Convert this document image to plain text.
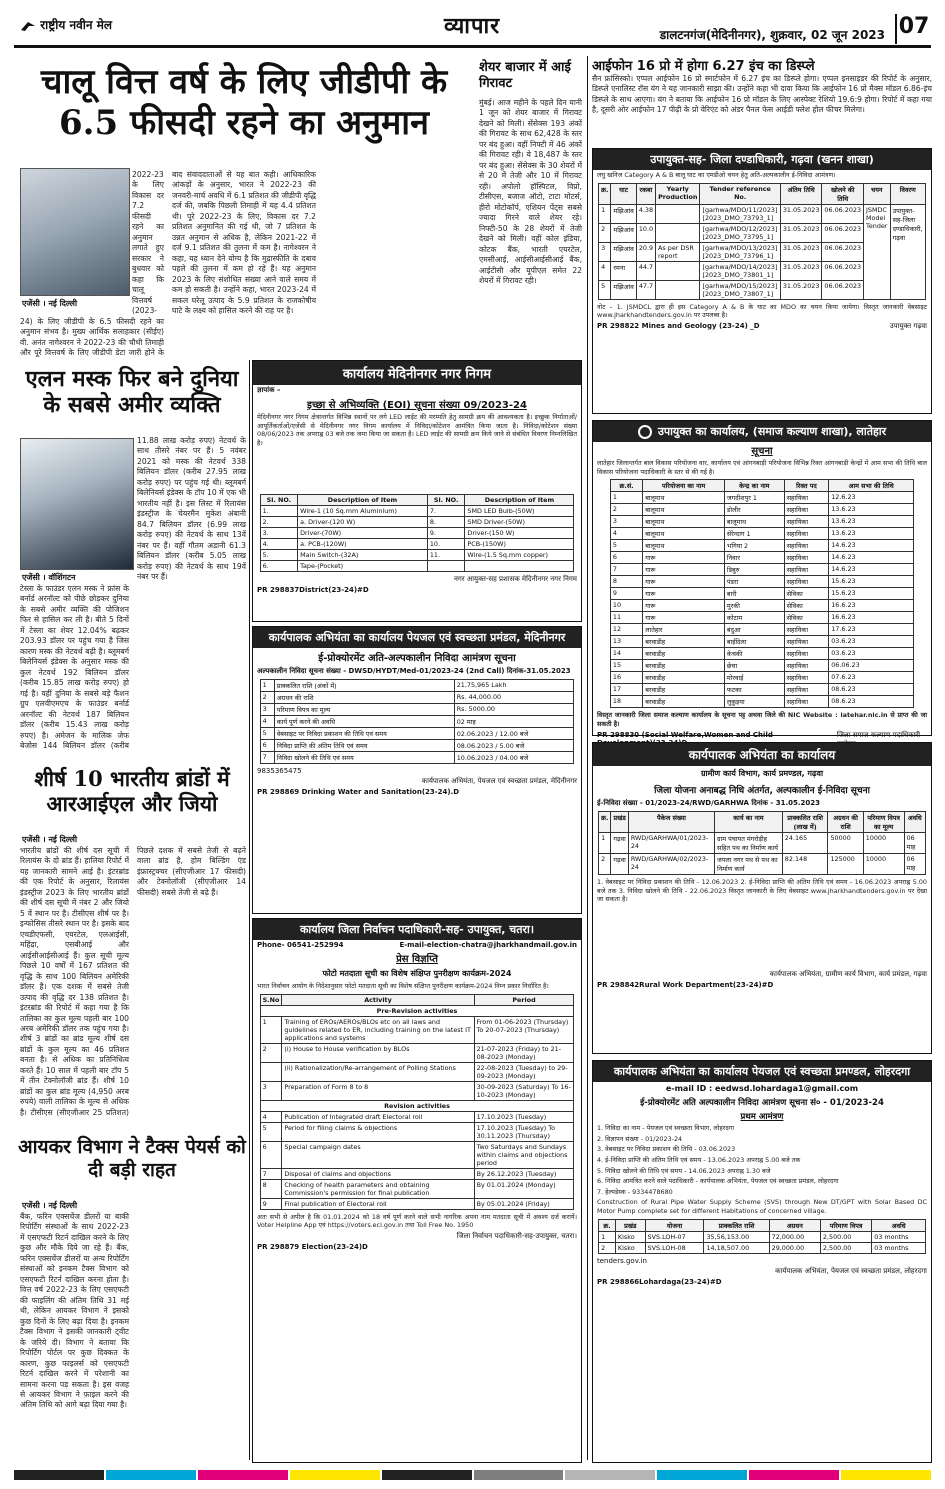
राष्ट्रीय नवीन मेल	व्यापार	डालटनगंज(मेदिनीनगर), शुक्रवार, 02 जून 2023 07
चालू वित्त वर्ष के लिए जीडीपी के 6.5 फीसदी रहने का अनुमान
एजेंसी । नई दिल्ली
2022-23 के लिए विकास दर 7.2 फीसदी रहने का अनुमान लगाते हुए सरकार ने बुधवार को कहा कि चालू वित्तवर्ष (2023-24) के लिए जीडीपी के 6.5 फीसदी रहने का अनुमान संभव है। मुख्य आर्थिक सलाहकार (सीईए) वी. अनंत नागेश्वरन ने 2022-23 की चौथी तिमाही और पूरे वित्तवर्ष के लिए जीडीपी डेटा जारी होने के बाद संवाददाताओं से यह बात कही। आधिकारिक आंकड़ों के अनुसार, भारत ने 2022-23 की जनवरी-मार्च अवधि में 6.1 प्रतिशत की जीडीपी वृद्धि दर्ज की, जबकि पिछली तिमाही में यह 4.4 प्रतिशत थी। पूरे 2022-23 के लिए, विकास दर 7.2 प्रतिशत अनुमानित की गई थी, जो 7 प्रतिशत के उन्नत अनुमान से अधिक है, लेकिन 2021-22 में दर्ज 9.1 प्रतिशत की तुलना में कम है। नागेश्वरन ने कहा, यह ध्यान देने योग्य है कि मुद्रास्फीति के दबाव पहले की तुलना में कम हो रहे हैं। यह अनुमान 2023 के लिए संशोधित संख्या आने वाले समय में कम हो सकती है। उन्होंने कहा, भारत 2023-24 में सकल घरेलू उत्पाद के 5.9 प्रतिशत के राजकोषीय घाटे के लक्ष्य को हासिल करने की राह पर है।
शेयर बाजार में आई गिरावट
मुंबई। आज महीने के पहले दिन यानी 1 जून को शेयर बाजार में गिरावट देखने को मिली। सेंसेक्स 193 अंकों की गिरावट के साथ 62,428 के स्तर पर बंद हुआ। वहीं निफ्टी में 46 अंकों की गिरावट रही। ये 18,487 के स्तर पर बंद हुआ। सेंसेक्स के 30 शेयरों में से 20 में तेजी और 10 में गिरावट रही। अपोलो हॉस्पिटल, विप्रो, टीसीएस, बजाज ऑटो, टाटा मोटर्स, हीरो मोटोकॉर्प, एशियन पेंट्स सबसे ज्यादा गिरने वाले शेयर रहे। निफ्टी-50 के 28 शेयरों में तेजी देखने को मिली। वहीं कोल इंडिया, कोटक बैंक, भारती एयरटेल, एमसीआई, आईसीआईसीआई बैंक, आईटीसी और यूपीएल समेत 22 शेयरों में गिरावट रही।
आईफोन 16 प्रो में होगा 6.27 इंच का डिस्प्ले
सैन फ्रांसिस्को। एप्पल आईफोन 16 प्रो स्मार्टफोन में 6.27 इंच का डिस्प्ले होगा। एप्पल इनसाइडर की रिपोर्ट के अनुसार, डिस्प्ले एनालिस्ट रॉस यंग ने यह जानकारी साझा की। उन्होंने कहा भी दावा किया कि आईफोन 16 प्रो मैक्स मॉडल 6.86-इंच डिस्प्ले के साथ आएगा। यंग ने बताया कि आईफोन 16 प्रो मॉडल के लिए आस्पेक्ट रेशियो 19.6:9 होगा। रिपोर्ट में कहा गया है, दूसरी ओर आईफोन 17 पीढ़ी के प्रो वेरिएंट को अंडर पैनल फेस आईडी फ्लेश होल फीचर मिलेगा।
एलन मस्क फिर बने दुनिया के सबसे अमीर व्यक्ति
एजेंसी । वॉशिंगटन
टेस्ला के फाउंडर एलन मस्क ने फ्रांस के बर्नार्ड अरनॉल्ट को पीछे छोड़कर दुनिया के सबसे अमीर व्यक्ति की पोजिशन फिर से हासिल कर ली है। बीते 5 दिनों में टेस्ला का शेयर 12.04% बढ़कर 203.93 डॉलर पर पहुंच गया है जिस कारण मस्क की नेटवर्थ बढ़ी है। ब्लूमबर्ग बिलेनियर्स इंडेक्स के अनुसार मस्क की कुल नेटवर्थ 192 बिलियन डॉलर (करीब 15.85 लाख करोड़ रुपए) हो गई है। वहीं दुनिया के सबसे बड़े फैशन ग्रुप एलवीएमएच के फाउंडर बर्नार्ड अरनॉल्ट की नेटवर्थ 187 बिलियन डॉलर (करीब 15.43 लाख करोड़ रुपए) है। अमेजन के मालिक जेफ बेजोस 144 बिलियन डॉलर (करीब 11.88 लाख करोड़ रुपए) नेटवर्थ के साथ तीसरे नंबर पर हैं। 5 नवंबर 2021 को मस्क की नेटवर्थ 338 बिलियन डॉलर (करीब 27.95 लाख करोड़ रुपए) पर पहुंच गई थी। ब्लूमबर्ग बिलेनियर्स इंडेक्स के टॉप 10 में एक भी भारतीय नहीं है। इस लिस्ट में रिलायंस इंडस्ट्रीज के चेयरमैन मुकेश अंबानी 84.7 बिलियन डॉलर (6.99 लाख करोड़ रुपए) की नेटवर्थ के साथ 13वें नंबर पर हैं। वहीं गौतम अडानी 61.3 बिलियन डॉलर (करीब 5.05 लाख करोड़ रुपए) की नेटवर्थ के साथ 19वें नंबर पर हैं।
शीर्ष 10 भारतीय ब्रांडों में आरआईएल और जियो
एजेंसी । नई दिल्ली
भारतीय ब्रांडों की शीर्ष दस सूची में रिलायंस के दो ब्रांड हैं। हालिया रिपोर्ट में यह जानकारी सामने आई है। इंटरब्रांड की एक रिपोर्ट के अनुसार, रिलायंस इंडस्ट्रीज 2023 के लिए भारतीय ब्रांडों की शीर्ष दस सूची में नंबर 2 और जियो 5 वें स्थान पर है। टीसीएस शीर्ष पर है। इन्फोसिस तीसरे स्थान पर है। इसके बाद एचडीएफसी, एयरटेल, एलआईसी, महिंद्रा, एसबीआई और आईसीआईसीआई हैं। कुल सूची मूल्य पिछले 10 वर्षों में 167 प्रतिशत की वृद्धि के साथ 100 बिलियन अमेरिकी डॉलर है। एक दशक में सबसे तेजी उत्पाद की वृद्धि दर 138 प्रतिशत है। इंटरब्रांड की रिपोर्ट में कहा गया है कि तालिका का कुल मूल्य पहली बार 100 अरब अमेरिकी डॉलर तक पहुंच गया है। शीर्ष 3 ब्रांडों का ब्रांड मूल्य शीर्ष दस ब्रांडों के कुल मूल्य का 46 प्रतिशत बनता है। से अधिक का प्रतिनिधित्व करते हैं। 10 साल में पहली बार टॉप 5 में तीन टेक्नोलॉजी ब्रांड हैं। शीर्ष 10 ब्रांडों का कुल ब्रांड मूल्य (4,950 अरब रुपये) वाली तालिका के मूल्य से अधिक है। टीसीएस (सीएजीआर 25 प्रतिशत) पिछले दशक में सबसे तेजी से बढ़ने वाला ब्रांड है, होम बिल्डिंग एंड इंफ्रास्ट्रक्चर (सीएजीआर 17 फीसदी) और टेक्नोलॉजी (सीएजीआर 14 फीसदी) सबसे तेजी से बढ़े हैं।
आयकर विभाग ने टैक्स पेयर्स को दी बड़ी राहत
एजेंसी । नई दिल्ली
बैंक, फरिन एक्सचेंज डीलरों या बाकी रिपोर्टिंग संस्थाओं के साथ 2022-23 में एसएफटी रिटर्न दाखिल करने के लिए कुछ और मौके दिये जा रहे हैं। बैंक, फरिन एक्सचेंज डीलरों या अन्य रिपोर्टिंग संस्थाओं को इनकम टैक्स विभाग को एसएफटी रिटर्न दाखिल करना होता है। वित्त वर्ष 2022-23 के लिए एसएफटी की फाइलिंग की अंतिम तिथि 31 मई थी, लेकिन आयकर विभाग ने इसको कुछ दिनों के लिए बढ़ा दिया है। इनकम टैक्स विभाग ने इसकी जानकारी ट्वीट के जरिये दी। विभाग ने बताया कि रिपोर्टिंग पोर्टल पर कुछ दिक्कत के कारण, कुछ फाइलर्स को एसएफटी रिटर्न दाखिल करने में परेशानी का सामना करना पड़ सकता है। इस वजह से आयकर विभाग ने फ़ाइल करने की अंतिम तिथि को आगे बढ़ा दिया गया है।
कार्यालय मेदिनीनगर नगर निगम
ज्ञापांक –
इच्छा से अभिव्यक्ति (EOI) सूचना संख्या 09/2023-24
मेदिनीनगर नगर निगम क्षेत्रान्तर्गत विभिन्न स्थानों पर लगे LED लाईट की मरम्मति हेतु सामग्री क्रय की आवश्यकता है। इच्छुक निर्माताओं/आपूर्तिकर्ताओं/एजेंसी से मेदिनीनगर नगर निगम कार्यालय में निविदा/कोटेशन आमंत्रित किया जाता है। निविदा/कोटेशन संख्या 08/06/2023 तक अपराह्न 03 बजे तक जमा किया जा सकता है। LED लाईट की सामग्री क्रय किये जाने से संबंधित विवरण निम्नलिखित है।
Sl. NO.	Description of Item	Sl. NO.	Description of Item
1.	Wire-1 (10 Sq.mm Aluminium)	7.	SMD LED Bulb-(50W)
2.	a. Driver-(120 W)	8.	SMD Driver-(50W)
3.	Driver-(70W)	9.	Driver-(150 W)
4.	a. PCB-(120W)	10.	PCB-(150W)
5.	Main Switch-(32A)	11.	Wire-(1.5 Sq.mm copper)
6.	Tape-(Pocket)		
नगर आयुक्त-सह प्रशासक मेदिनीनगर नगर निगम
PR 298837District(23-24)#D
कार्यपालक अभियंता का कार्यालय पेयजल एवं स्वच्छता प्रमंडल, मेदिनीनगर
ई-प्रोक्योरमेंट अति-अल्पकालीन निविदा आमंत्रण सूचना
अल्पकालीन निविदा सूचना संख्या - DWSD/HYDT/Med-01/2023-24 (2nd Call) दिनांक-31.05.2023
1	प्राक्कलित राशि (अंकों में)	21,75,965 Lakh
2	अग्रधन की राशि	Rs. 44,000.00
3	परिमाण विपत्र का मूल्य	Rs. 5000.00
4	कार्य पूर्ण करने की अवधि	02 माह
5	वेबसाइट पर निविदा प्रकाशन की तिथि एवं समय	02.06.2023 / 12.00 बजे
6	निविदा प्राप्ति की अंतिम तिथि एवं समय	08.06.2023 / 5.00 बजे
7	निविदा खोलने की तिथि एवं समय	10.06.2023 / 04.00 बजे
9835365475
कार्यपालक अभियंता, पेयजल एवं स्वच्छता प्रमंडल, मेदिनीनगर
PR 298869 Drinking Water and Sanitation(23-24).D
कार्यालय जिला निर्वाचन पदाधिकारी-सह- उपायुक्त, चतरा।
Phone- 06541-252994	E-mail-election-chatra@jharkhandmail.gov.in
प्रेस विज्ञप्ति
फोटो मतदाता सूची का विशेष संक्षिप्त पुनरीक्षण कार्यक्रम-2024
भारत निर्वाचन आयोग के निदेशानुसार फोटो मतदाता सूची का विशेष संक्षिप्त पुनरीक्षण कार्यक्रम-2024 निम्न प्रकार निर्धारित है।
S.No	Activity	Period
Pre-Revision activities		
1	Training of EROs/AEROs/BLOs etc on all laws and guidelines related to ER, including training on the latest IT applications and systems	From 01-06-2023 (Thursday) To 20-07-2023 (Thursday)
2	(i) House to House verification by BLOs	21-07-2023 (Friday) to 21-08-2023 (Monday)
	(ii) Rationalization/Re-arrangement of Polling Stations	22-08-2023 (Tuesday) to 29-09-2023 (Monday)
3	Preparation of Form 8 to 8	30-09-2023 (Saturday) To 16-10-2023 (Monday)
Revision activities		
4	Publication of Integrated draft Electoral roll	17.10.2023 (Tuesday)
5	Period for filing claims & objections	17.10.2023 (Tuesday) To 30.11.2023 (Thursday)
6	Special campaign dates	Two Saturdays and Sundays within claims and objections period
7	Disposal of claims and objections	By 26.12.2023 (Tuesday)
8	Checking of health parameters and obtaining Commission's permission for final publication	By 01.01.2024 (Monday)
9	Final publication of Electoral roll	By 05.01.2024 (Friday)
अतः सभी से अपील है कि 01.01.2024 को 18 वर्ष पूर्ण करने वाले सभी नागरिक अपना नाम मतदाता सूची में अवश्य दर्ज करायें। Voter Helpline App एवं https://voters.eci.gov.in तथा Toll Free No. 1950
जिला निर्वाचन पदाधिकारी-सह-उपायुक्त, चतरा।
PR 298879 Election(23-24)D
उपायुक्त-सह- जिला दण्डाधिकारी, गढ़वा (खनन शाखा)
लघु खनिज Category A & B बालू घाट का एमडीओ चयन हेतु अति-अल्पकालीन ई-निविदा आमंत्रण।
क्र.	घाट	रकबा	Yearly Production	Tender reference No.	अंतिम तिथि	खोलने की तिथि	चयन	विवरण
1	मझिआंव	4.38		[garhwa/MDO/11/2023] [2023_DMO_73793_1]	31.05.2023	06.06.2023	JSMDC Model Tender	उपायुक्त-सह-जिला दण्डाधिकारी, गढ़वा
2	मझिआंव	10.0		[garhwa/MDO/12/2023] [2023_DMO_73795_1]	31.05.2023	06.06.2023		
3	मझिआंव	20.9	As per DSR report	[garhwa/MDO/13/2023] [2023_DMO_73796_1]	31.05.2023	06.06.2023		
4	रमना	44.7		[garhwa/MDO/14/2023] [2023_DMO_73801_1]	31.05.2023	06.06.2023		
5	मझिआंव	47.7		[garhwa/MDO/15/2023] [2023_DMO_73807_1]	31.05.2023	06.06.2023		
नोट – 1. JSMDCL द्वारा ही इस Category A & B के घाट का MDO का चयन किया जायेगा। विस्तृत जानकारी वेबसाइट www.jharkhandtenders.gov.in पर उपलब्ध है।
PR 298822 Mines and Geology (23-24) _D	उपायुक्त गढ़वा
उपायुक्त का कार्यालय, (समाज कल्याण शाखा), लातेहार
सूचना
लातेहार जिलान्तर्गत बाल विकास परियोजना वार, कार्यालय एवं आंगनबाड़ी परियोजना विभिन्न रिक्त आंगनबाड़ी केन्द्रों में आम सभा की तिथि बाल विकास परियोजना पदाधिकारी के स्तर से की गई है।
क्र.सं.	परियोजना का नाम	केन्द्र का नाम	रिक्त पद	आम सभा की तिथि
1	बालूमाथ	जगदीशपुर 1	सहायिका	12.6.23
2	बालूमाथ	डोलीर	सहायिका	13.6.23
3	बालूमाथ	बालूमाथ	सहायिका	13.6.23
4	बालूमाथ	सेरेन्दाग 1	सहायिका	13.6.23
5	बालूमाथ	भगिया 2	सहायिका	14.6.23
6	गारू	निवार	सहायिका	14.6.23
7	गारू	डिबुरु	सहायिका	14.6.23
8	गारू	पंडरा	सहायिका	15.6.23
9	गारू	बारी	सेविका	15.6.23
10	गारू	मुरकी	सेविका	16.6.23
11	गारू	कोटाम	सेविका	16.6.23
12	लातेहार	बंदुआ	सहायिका	17.6.23
13	बरवाडीह	बाईदिला	सहायिका	03.6.23
14	बरवाडीह	केचकी	सहायिका	03.6.23
15	बरवाडीह	छेचा	सहायिका	06.06.23
16	बरवाडीह	मोरवाई	सहायिका	07.6.23
17	बरवाडीह	फटका	सहायिका	08.6.23
18	बरवाडीह	लुकुइया	सहायिका	08.6.23
विस्तृत जानकारी जिला समाज कल्याण कार्यालय के सूचना पट्ट अथवा जिले की NIC Website : latehar.nic.in से प्राप्त की जा सकती है।
PR 298830 (Social Welfare,Women and Child	जिला समाज कल्याण पदाधिकारी
कार्यपालक अभियंता का कार्यालय
ग्रामीण कार्य विभाग, कार्य प्रमण्डल, गढ़वा
जिला योजना अनाबद्ध निधि अंतर्गत, अल्पकालीन ई-निविदा सूचना
ई-निविदा संख्या - 01/2023-24/RWD/GARHWA दिनांक - 31.05.2023
क्र.	प्रखंड	पैकेज संख्या	कार्य का नाम	प्राक्कलित राशि (लाख में)	अग्रधन की राशि	परिमाण विपत्र का मूल्य	अवधि
1	गढ़वा	RWD/GARHWA/01/2023-24	ग्राम पंचायत मंगरोड़ीह सहित पथ का निर्माण कार्य	24.165	50000	10000	06 माह
2	गढ़वा	RWD/GARHWA/02/2023-24	जपला नगर पथ से पथ का निर्माण कार्य	82.148	125000	10000	06 माह
1. वेबसाइट पर निविदा प्रकाशन की तिथि - 12.06.2023 2. ई-निविदा प्राप्ति की अंतिम तिथि एवं समय - 16.06.2023 अपराह्न 5.00 बजे तक 3. निविदा खोलने की तिथि - 22.06.2023 विस्तृत जानकारी के लिए वेबसाइट www.jharkhandtenders.gov.in पर देखा जा सकता है।
कार्यपालक अभियंता, ग्रामीण कार्य विभाग, कार्य प्रमंडल, गढ़वा
PR 298842Rural Work Department(23-24)#D
कार्यपालक अभियंता का कार्यालय पेयजल एवं स्वच्छता प्रमण्डल, लोहरदगा
e-mail ID : eedwsd.lohardaga1@gmail.com
ई-प्रोक्योरमेंट अति अल्पकालीन निविदा आमंत्रण सूचना सं० - 01/2023-24
प्रथम आमंत्रण
1. निविदा का नाम - पेयजल एवं स्वच्छता विभाग, लोहरदगा
2. विज्ञापन संख्या - 01/2023-24
3. वेबसाइट पर निविदा प्रकाशन की तिथि - 03.06.2023
4. ई-निविदा प्राप्ति की अंतिम तिथि एवं समय - 13.06.2023 अपराह्न 5.00 बजे तक
5. निविदा खोलने की तिथि एवं समय - 14.06.2023 अपराह्न 1.30 बजे
6. निविदा आमंत्रित करने वाले पदाधिकारी - कार्यपालक अभियंता, पेयजल एवं स्वच्छता प्रमंडल, लोहरदगा
7. हेल्पडेस्क - 9334478680
Construction of Rural Pipe Water Supply Scheme (SVS) through New DT/GPT with Solar Based DC Motor Pump complete set for different Habitations of concerned village.
क्र.	प्रखंड	योजना	प्राक्कलित राशि	अग्रधन	परिमाण विपत्र	अवधि
1	Kisko	SVS.LOH-07	35,56,153.00	72,000.00	2,500.00	03 months
2	Kisko	SVS.LOH-08	14,18,507.00	29,000.00	2,500.00	03 months
tenders.gov.in
कार्यपालक अभियंता, पेयजल एवं स्वच्छता प्रमंडल, लोहरदगा
PR 298866Lohardaga(23-24)#D
